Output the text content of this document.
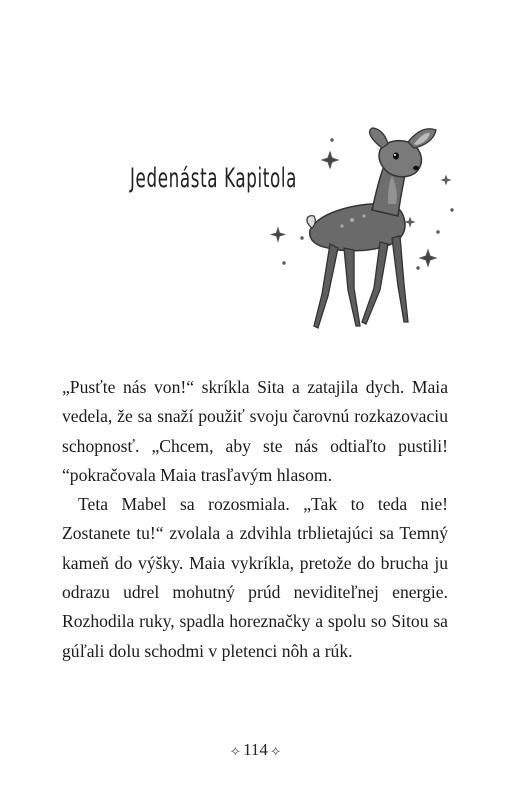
Jedenásta Kapitola

„Pusťte nás von!“ skríkla Sita a zatajila dych. Maia vedela, že sa snaží použiť svoju čarovnú rozkazovaciu schopnosť. „Chcem, aby ste nás odtiaľto pustili! “pokračovala Maia trasľavým hlasom.

Teta Mabel sa rozosmiala. „Tak to teda nie! Zostanete tu!“ zvolala a zdvihla trblietajúci sa Temný kameň do výšky. Maia vykríkla, pretože do brucha ju odrazu udrel mohutný prúd neviditeľnej energie. Rozhodila ruky, spadla horeznačky a spolu so Sitou sa gúľali dolu schodmi v pletenci nôh a rúk.

⟡ 114 ⟡
